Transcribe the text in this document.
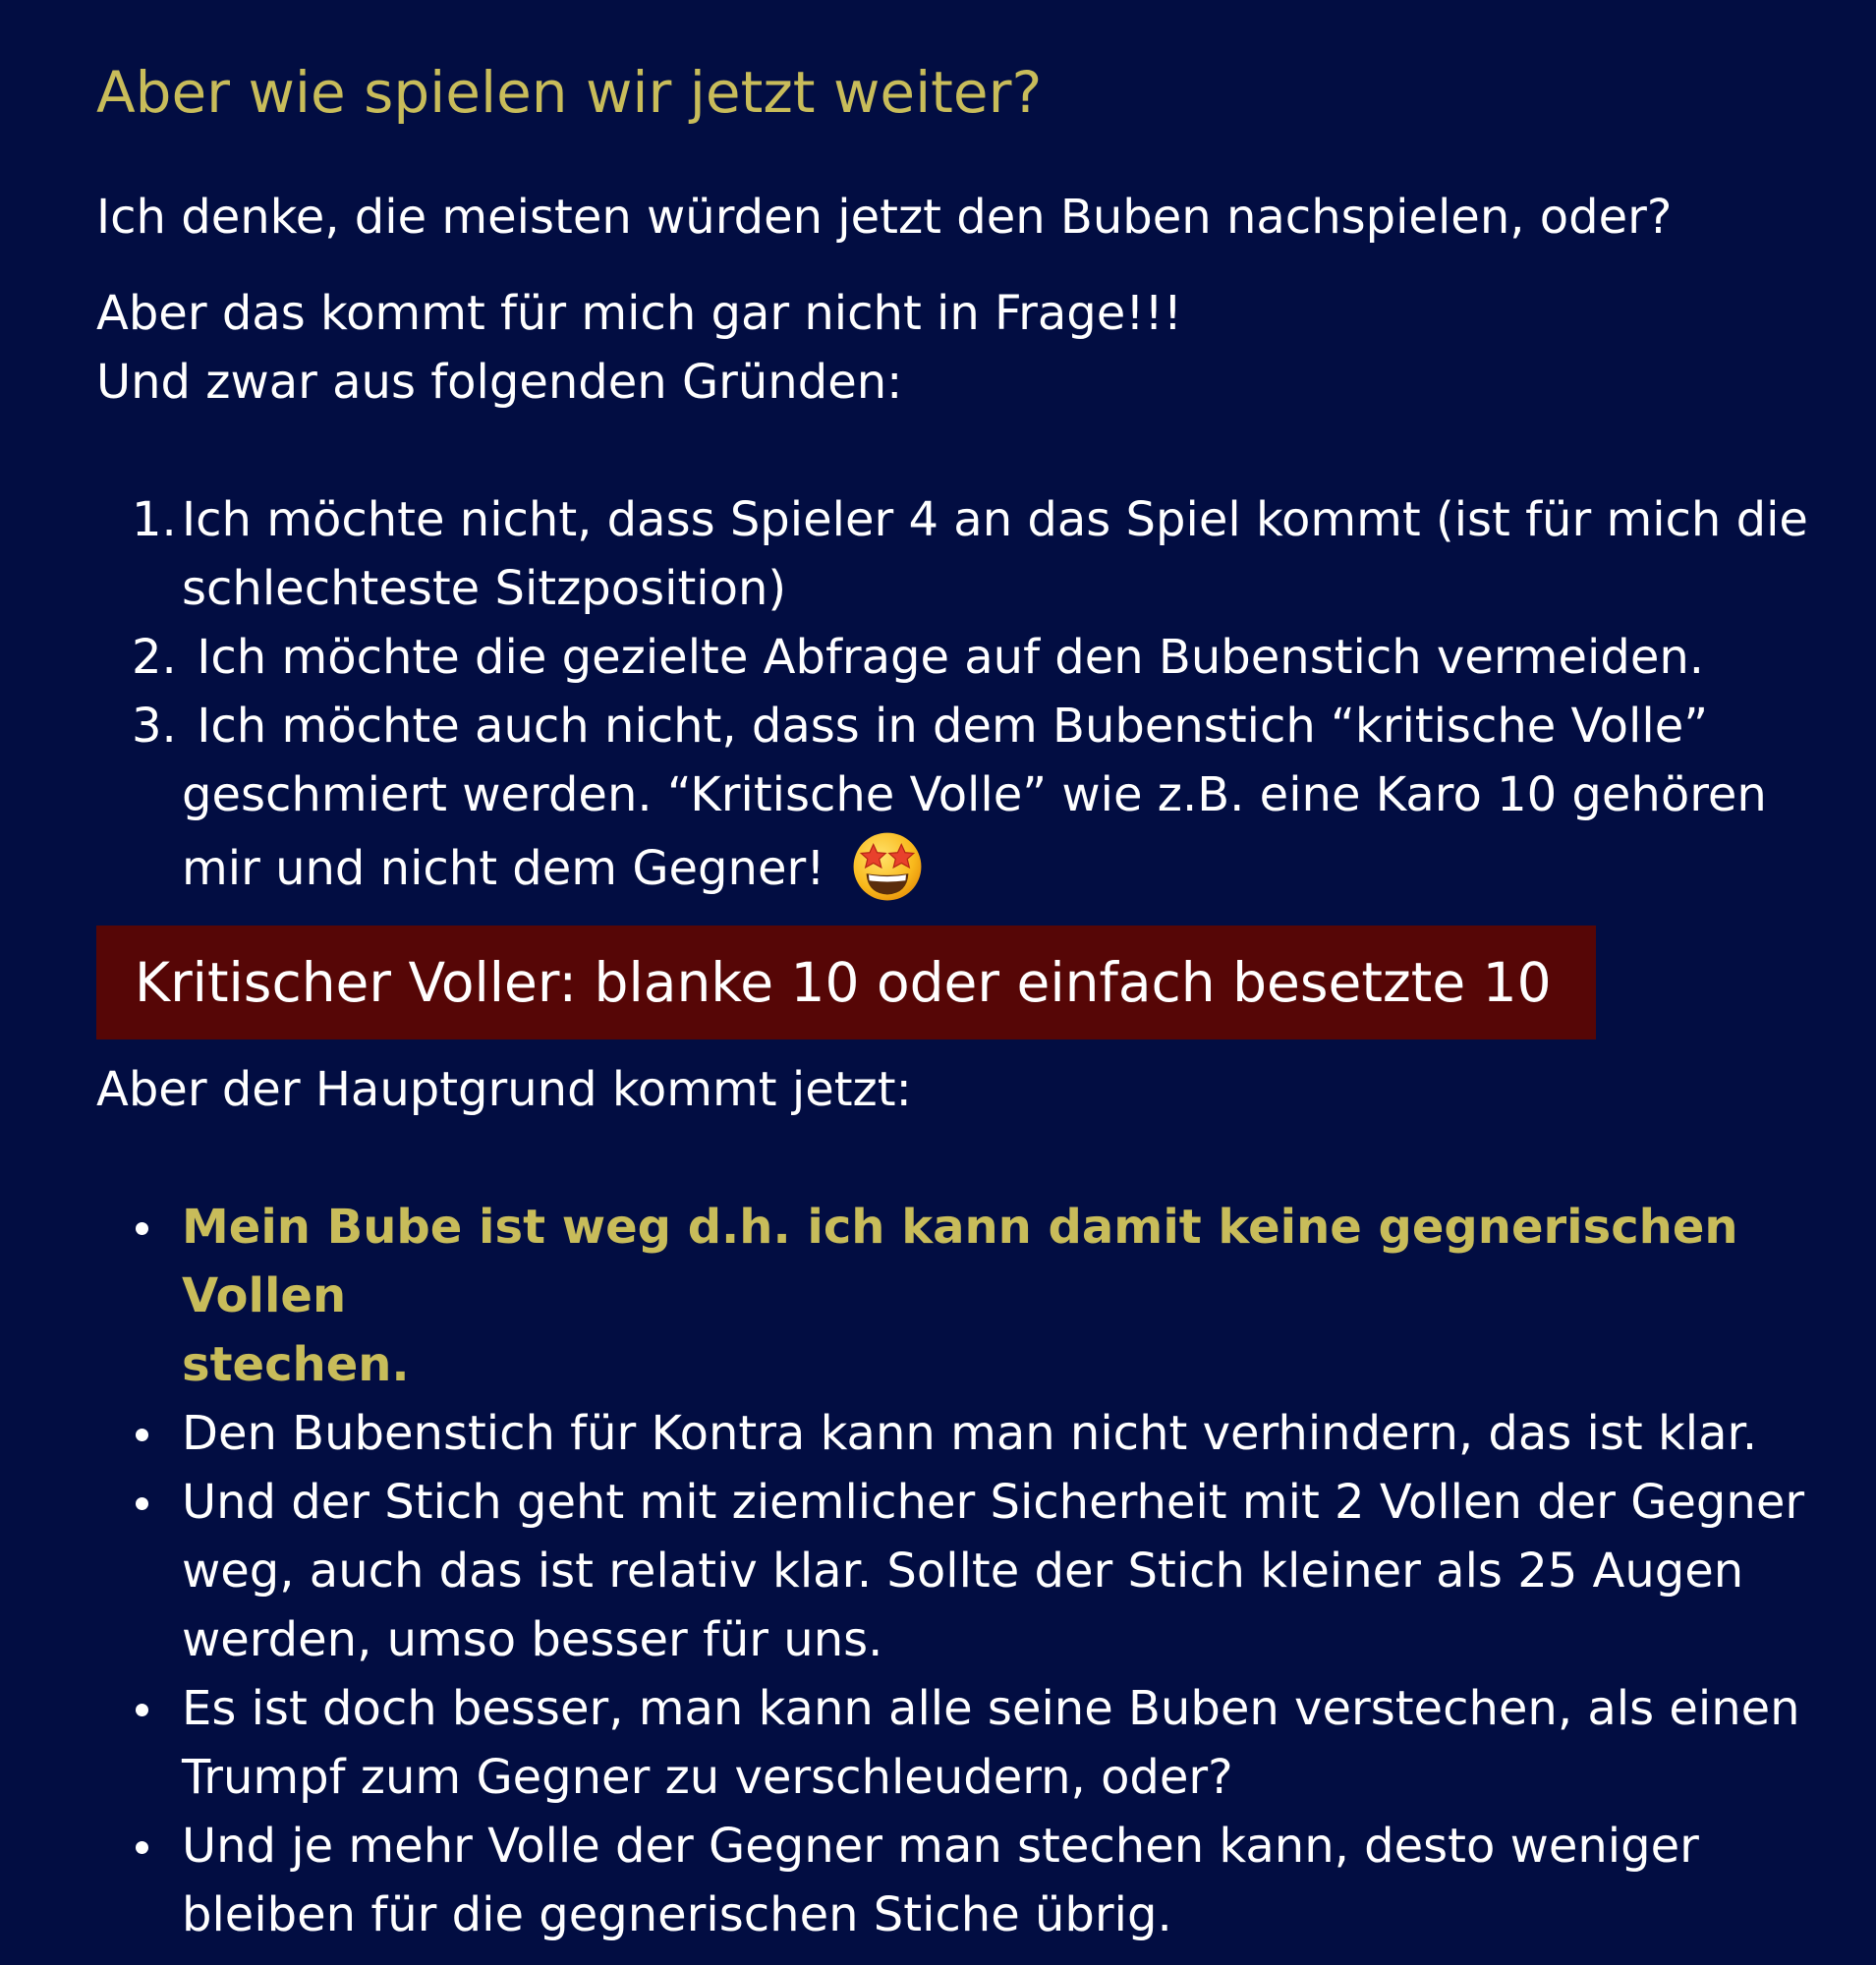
Aber wie spielen wir jetzt weiter?

Ich denke, die meisten würden jetzt den Buben nachspielen, oder?

Aber das kommt für mich gar nicht in Frage!!!

Und zwar aus folgenden Gründen:

1. Ich möchte nicht, dass Spieler 4 an das Spiel kommt (ist für mich die
schlechteste Sitzposition)
2. Ich möchte die gezielte Abfrage auf den Bubenstich vermeiden.
3. Ich möchte auch nicht, dass in dem Bubenstich “kritische Volle”
geschmiert werden. “Kritische Volle” wie z.B. eine Karo 10 gehören
mir und nicht dem Gegner!
Kritischer Voller: blanke 10 oder einfach besetzte 10

Aber der Hauptgrund kommt jetzt:

Mein Bube ist weg d.h. ich kann damit keine gegnerischen Vollen
stechen.
Den Bubenstich für Kontra kann man nicht verhindern, das ist klar.
Und der Stich geht mit ziemlicher Sicherheit mit 2 Vollen der Gegner
weg, auch das ist relativ klar. Sollte der Stich kleiner als 25 Augen
werden, umso besser für uns.
Es ist doch besser, man kann alle seine Buben verstechen, als einen
Trumpf zum Gegner zu verschleudern, oder?
Und je mehr Volle der Gegner man stechen kann, desto weniger
bleiben für die gegnerischen Stiche übrig.
